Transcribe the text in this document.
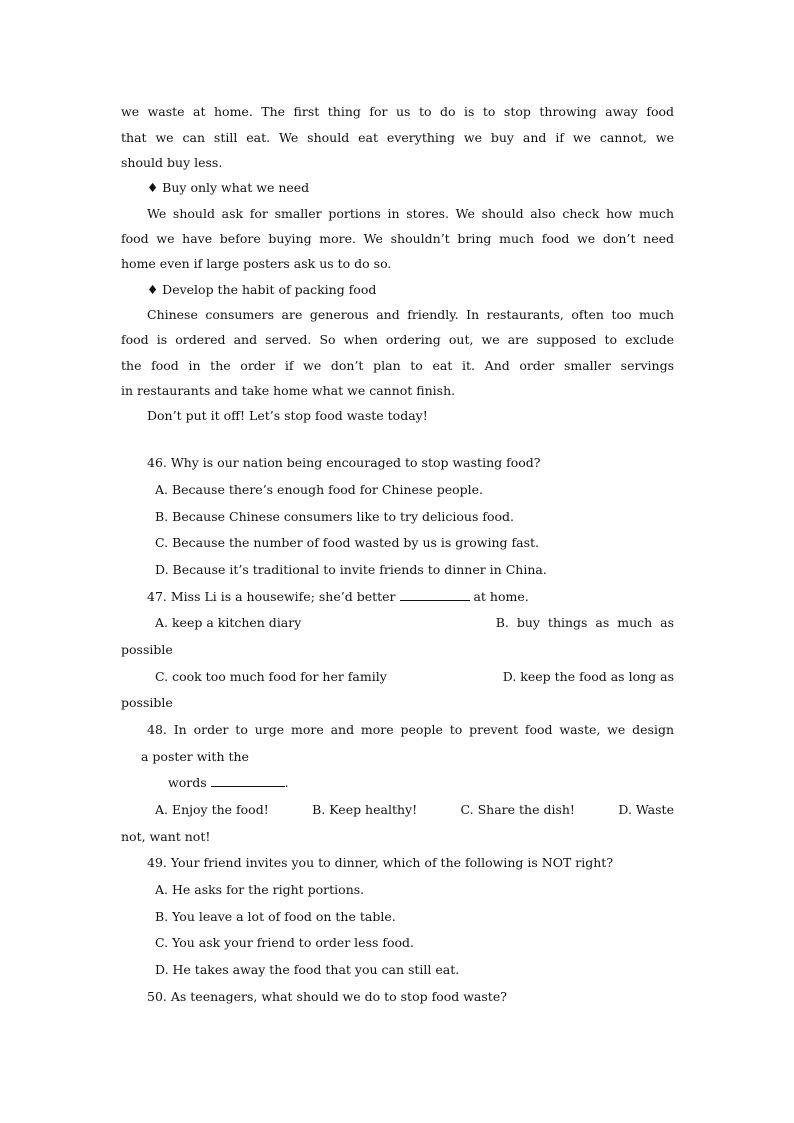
we waste at home. The first thing for us to do is to stop throwing away food

that we can still eat. We should eat everything we buy and if we cannot, we

should buy less.

♦ Buy only what we need

We should ask for smaller portions in stores. We should also check how much

food we have before buying more. We shouldn’t bring much food we don’t need

home even if large posters ask us to do so.

♦ Develop the habit of packing food

Chinese consumers are generous and friendly. In restaurants, often too much

food is ordered and served. So when ordering out, we are supposed to exclude

the food in the order if we don’t plan to eat it. And order smaller servings

in restaurants and take home what we cannot finish.

Don’t put it off! Let’s stop food waste today!

46. Why is our nation being encouraged to stop wasting food?

A. Because there’s enough food for Chinese people.

B. Because Chinese consumers like to try delicious food.

C. Because the number of food wasted by us is growing fast.

D. Because it’s traditional to invite friends to dinner in China.

47. Miss Li is a housewife; she’d better	at home.

A. keep a kitchen diary	B.  buy  things  as  much  as

possible

C. cook too much food for her family	D. keep the food as long as

possible

48. In order to urge more and more people to prevent food waste, we design

a poster with the

words	.

A. Enjoy the food!	B. Keep healthy!	C. Share the dish!	D. Waste

not, want not!

49. Your friend invites you to dinner, which of the following is NOT right?

A. He asks for the right portions.

B. You leave a lot of food on the table.

C. You ask your friend to order less food.

D. He takes away the food that you can still eat.

50. As teenagers, what should we do to stop food waste?
